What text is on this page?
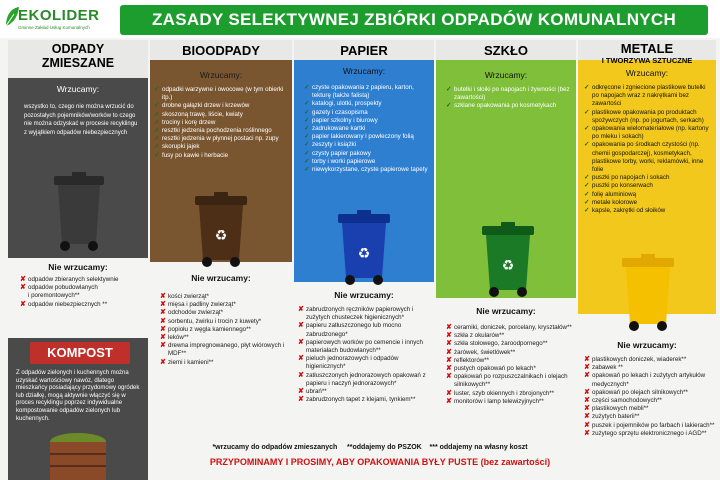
EKOLIDER
Gminne Zakład Usług Komunalnych	ZASADY SELEKTYWNEJ ZBIÓRKI ODPADÓW KOMUNALNYCH
ODPADY
ZMIESZANE
Wrzucamy:
wszystko to, czego nie można wrzucić do pozostałych pojemników/worków to czego nie można odzyskać w procesie recyklingu z wyjątkiem odpadów niebezpiecznych
Nie wrzucamy:
✘ odpadów zbieranych selektywnie
✘ odpadów pobudowlanych
i poremontowych**
✘ odpadów niebezpiecznych **
KOMPOST
Z odpadów zielonych i kuchennych można uzyskać wartościowy nawóz, dlatego mieszkańcy posiadający przydomowy ogródek lub działkę, mogą aktywnie włączyć się w proces recyklingu poprzez indywidualne kompostowanie odpadów zielonych lub kuchennych.
BIOODPADY
Wrzucamy:
✓ odpadki warzywne i owocowe (w tym obierki itp.)
✓ drobne gałązki drzew i krzewów
✓ skoszoną trawę, liście, kwiaty
✓ trociny i korę drzew
✓ resztki jedzenia pochodzenia roślinnego
✓ resztki jedzenia w płynnej postaci np. zupy
✓ skorupki jajek
✓ fusy po kawie i herbacie
♻
Nie wrzucamy:
✘ kości zwierząt*
✘ mięsa i padliny zwierząt*
✘ odchodów zwierząt*
✘ sorbentu, żwirku i trocin z kuwety*
✘ popiołu z węgla kamiennego**
✘ leków**
✘ drewna impregnowanego, płyt wiórowych i MDF**
✘ ziemi i kamieni**
PAPIER
Wrzucamy:
✓ czyste opakowania z papieru, karton, tekturę (także falistą)
✓ katalogi, ulotki, prospekty
✓ gazety i czasopisma
✓ papier szkolny i biurowy
✓ zadrukowane kartki
✓ papier lakierowany i powleczony folią
✓ zeszyty i książki
✓ czysty papier pakowy
✓ torby i worki papierowe
✓ niewykorzystane, czyste papierowe tapety
♻
Nie wrzucamy:
✘ zabrudzonych ręczników papierowych i zużytych chusteczek higienicznych*
✘ papieru zatłuszczonego lub mocno zabrudzonego*
✘ papierowych worków po cemencie i innych materiałach budowlanych**
✘ pieluch jednorazowych i odpadów higienicznych*
✘ zatłuszczonych jednorazowych opakowań z papieru i naczyń jednorazowych*
✘ ubrań**
✘ zabrudzonych tapet z klejami, tynkiem**
SZKŁO
Wrzucamy:
✓ butelki i słoiki po napojach i żywności (bez zawartości)
✓ szklane opakowania po kosmetykach
♻
Nie wrzucamy:
✘ ceramiki, doniczek, porcelany, kryształów**
✘ szkła z okularów**
✘ szkła stołowego, żaroodpornego**
✘ żarówek, świetlówek**
✘ reflektorów**
✘ pustych opakowań po lekach*
✘ opakowań po rozpuszczalnikach i olejach silnikowych**
✘ luster, szyb okiennych i zbrojonych**
✘ monitorów i lamp telewizyjnych**
METALE
I TWORZYWA SZTUCZNE
Wrzucamy:
✓ odkręcone i zgniecione plastikowe butelki po napojach wraz z nakrętkami bez zawartości
✓ plastikowe opakowania po produktach spożywczych (np. po jogurtach, serkach)
✓ opakowania wielomateriałowe (np. kartony po mleku i sokach)
✓ opakowania po środkach czystości (np. chemii gospodarczej), kosmetykach, plastikowe torby, worki, reklamówki, inne folie
✓ puszki po napojach i sokach
✓ puszki po konserwach
✓ folię aluminiową
✓ metale kolorowe
✓ kapsle, zakrętki od słoików
Nie wrzucamy:
✘ plastikowych doniczek, wiaderek**
✘ zabawek **
✘ opakowań po lekach i zużytych artykułów medycznych*
✘ opakowań po olejach silnikowych**
✘ części samochodowych**
✘ plastikowych mebli**
✘ zużytych baterii**
✘ puszek i pojemników po farbach i lakierach**
✘ zużytego sprzętu elektronicznego i AGD**
*wrzucamy do odpadów zmieszanych **oddajemy do PSZOK *** oddajemy na własny koszt
PRZYPOMINAMY I PROSIMY, ABY OPAKOWANIA BYŁY PUSTE (bez zawartości)
